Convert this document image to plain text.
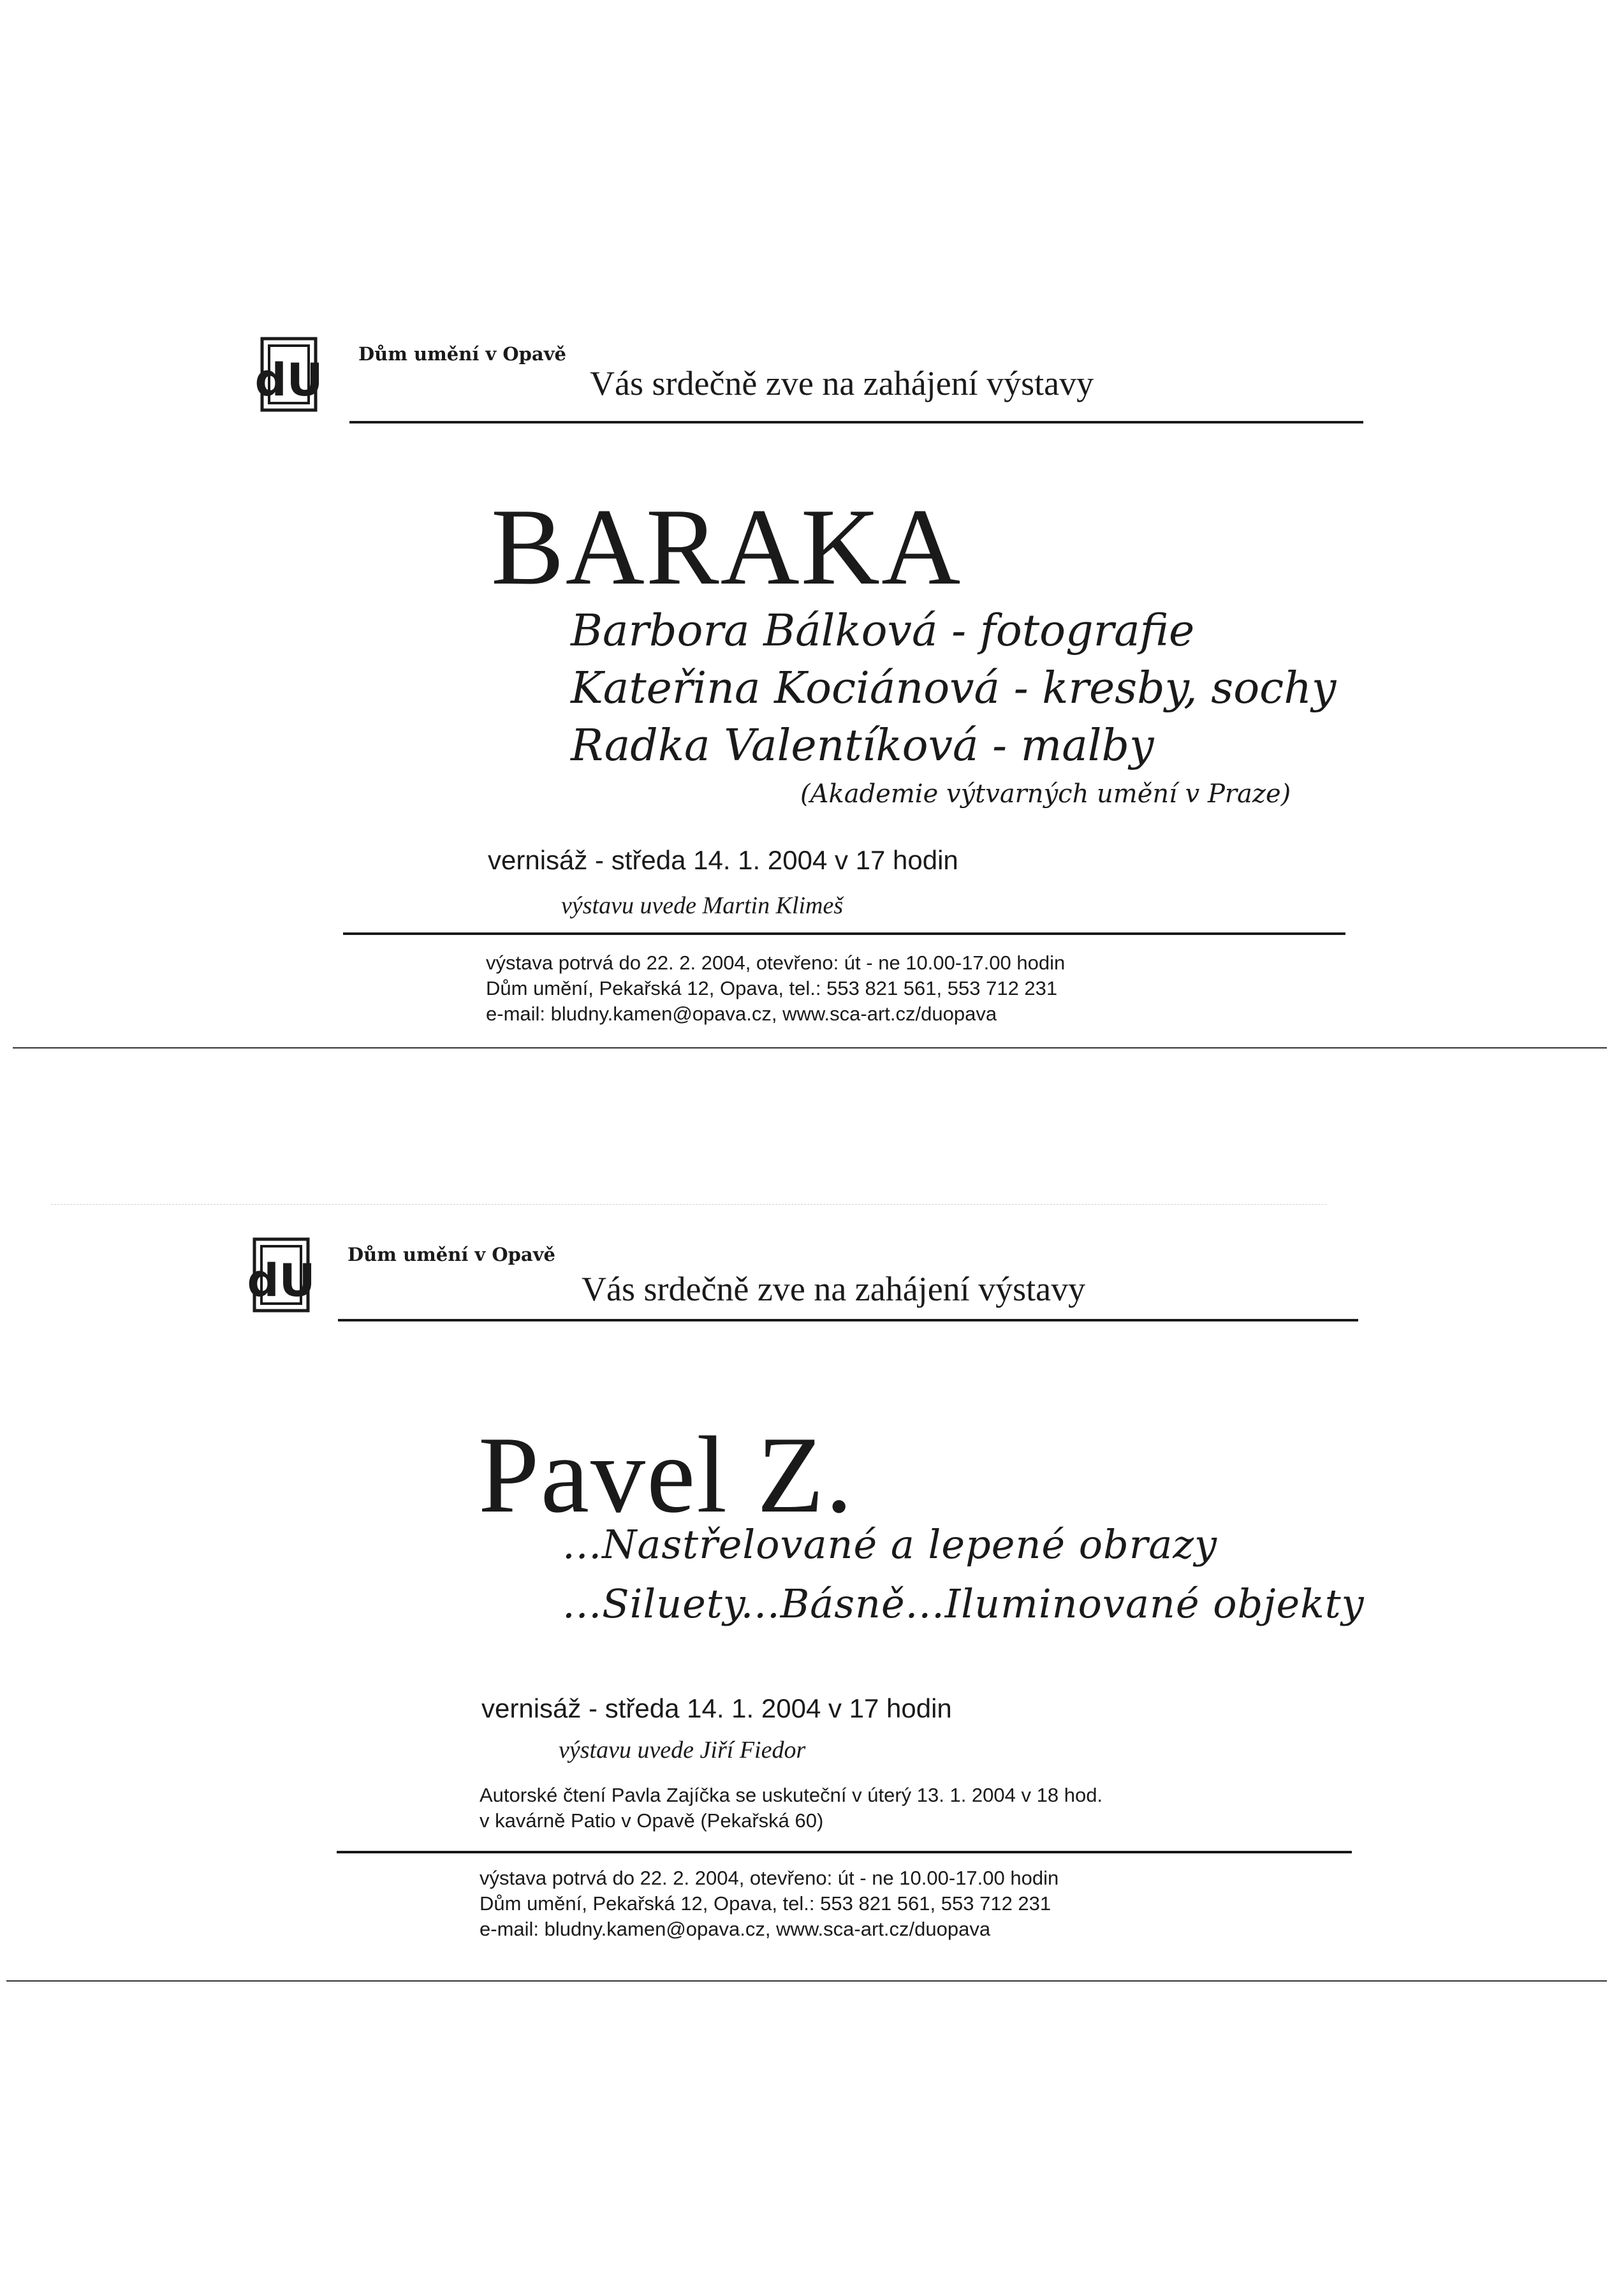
dU Dům umění v Opavě
Vás srdečně zve na zahájení výstavy
BARAKA
Barbora Bálková - fotografie
Kateřina Kociánová - kresby, sochy
Radka Valentíková - malby
(Akademie výtvarných umění v Praze)
vernisáž - středa 14. 1. 2004 v 17 hodin
výstavu uvede Martin Klimeš
výstava potrvá do 22. 2. 2004, otevřeno: út - ne 10.00-17.00 hodin
Dům umění, Pekařská 12, Opava, tel.: 553 821 561, 553 712 231
e-mail: bludny.kamen@opava.cz, www.sca-art.cz/duopava
dU Dům umění v Opavě
Vás srdečně zve na zahájení výstavy
Pavel Z.
...Nastřelované a lepené obrazy
...Siluety...Básně...Iluminované objekty
vernisáž - středa 14. 1. 2004 v 17 hodin
výstavu uvede Jiří Fiedor
Autorské čtení Pavla Zajíčka se uskuteční v úterý 13. 1. 2004 v 18 hod.
v kavárně Patio v Opavě (Pekařská 60)
výstava potrvá do 22. 2. 2004, otevřeno: út - ne 10.00-17.00 hodin
Dům umění, Pekařská 12, Opava, tel.: 553 821 561, 553 712 231
e-mail: bludny.kamen@opava.cz, www.sca-art.cz/duopava
